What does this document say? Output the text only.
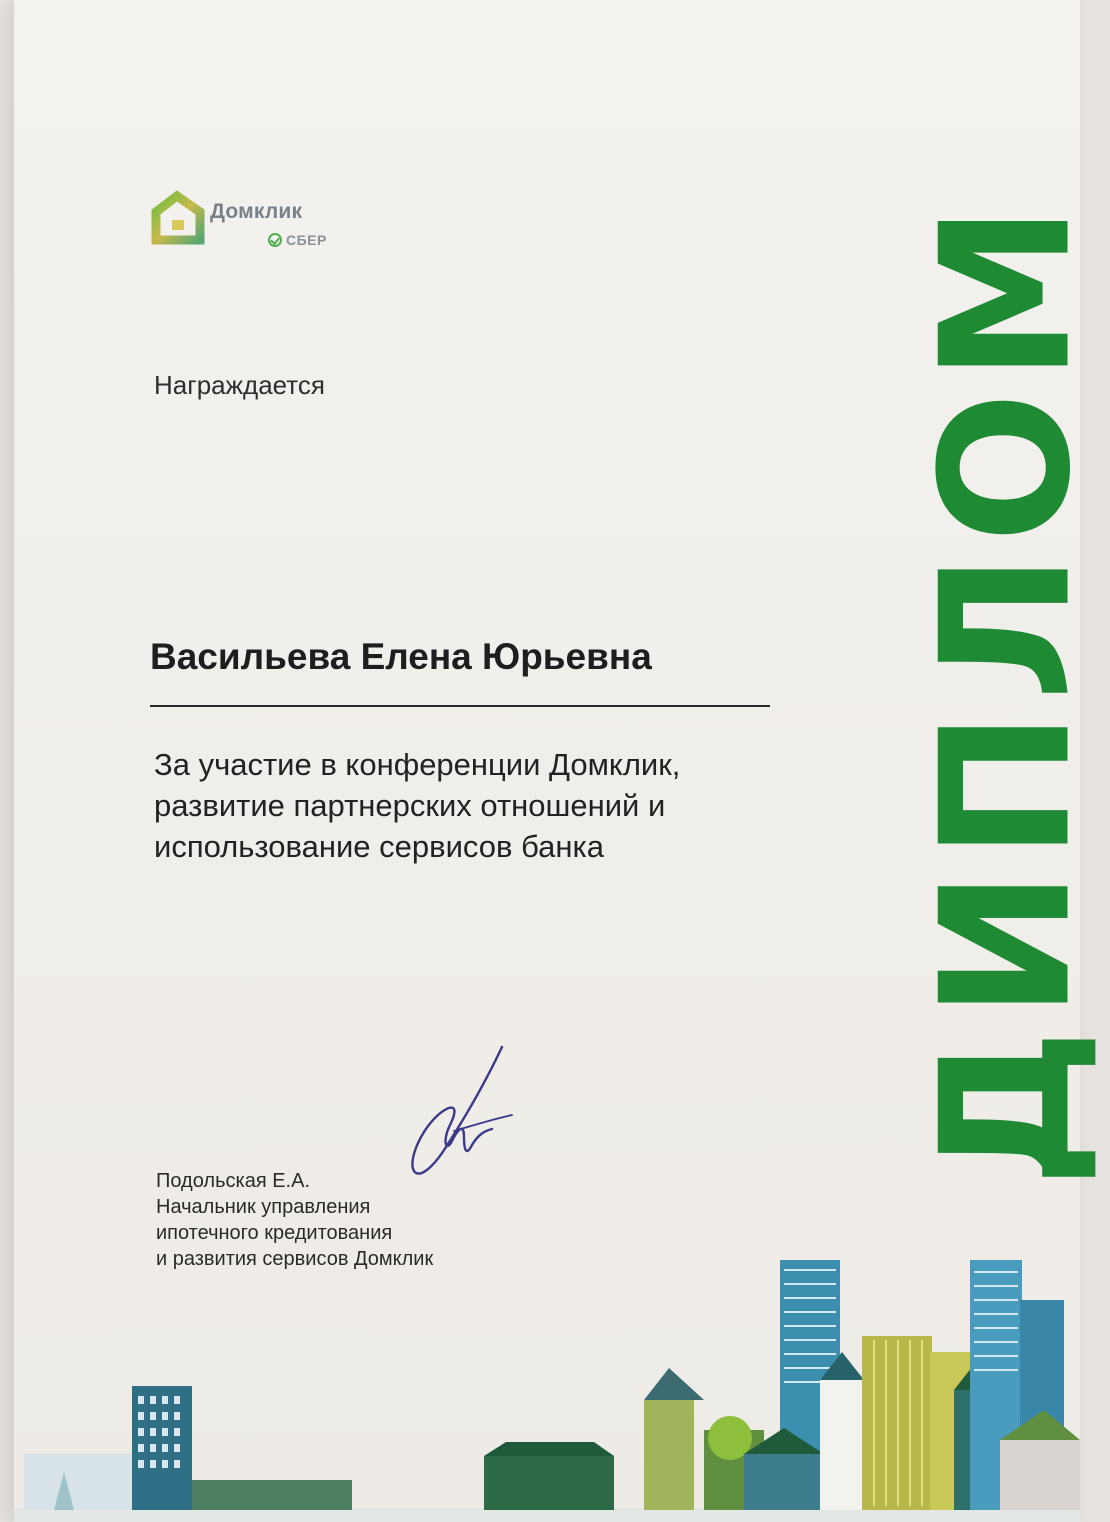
Домклик
СБЕР
Награждается
Васильева Елена Юрьевна
За участие в конференции Домклик,
развитие партнерских отношений и
использование сервисов банка
Подольская Е.А.
Начальник управления
ипотечного кредитования
и развития сервисов Домклик
ДИПЛОМ
